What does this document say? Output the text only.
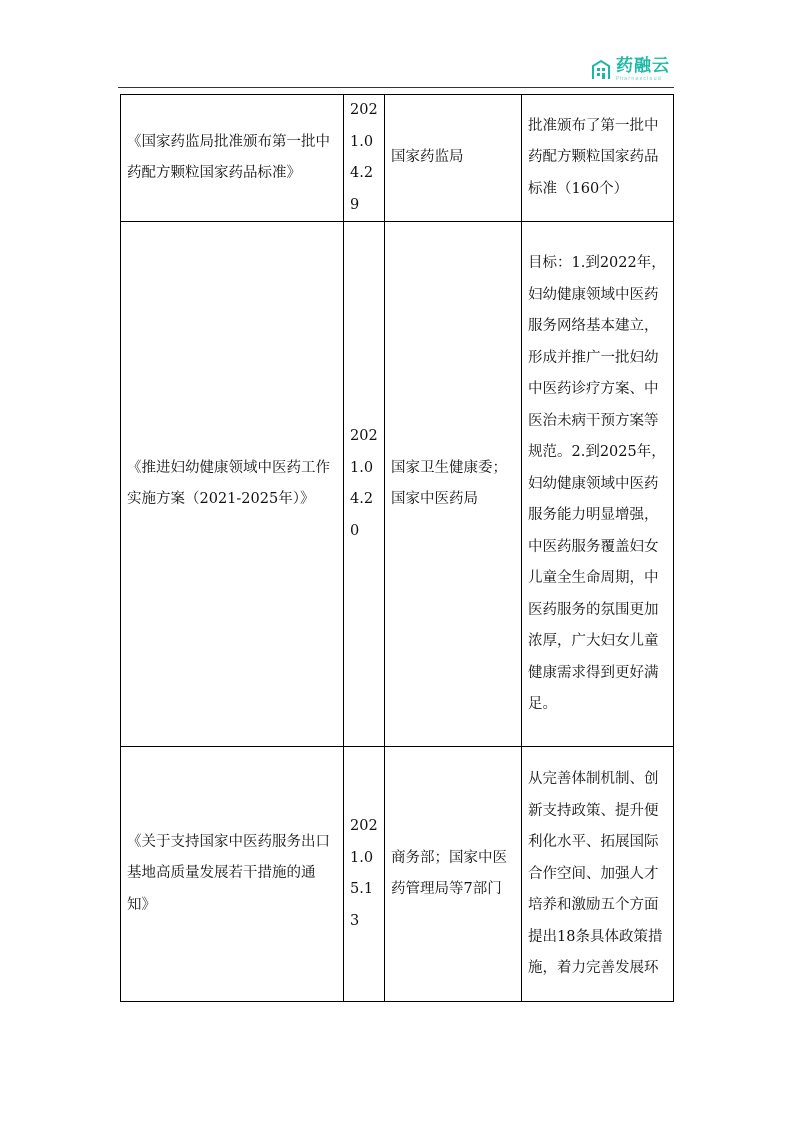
药融云
Pharnexcloud
《国家药监局批准颁布第一批中药配方颗粒国家药品标准》	2021.04.29	国家药监局	批准颁布了第一批中药配方颗粒国家药品标准（160个）
《推进妇幼健康领域中医药工作实施方案（2021-2025年）》	2021.04.20	国家卫生健康委；国家中医药局	目标：1.到2022年，妇幼健康领域中医药服务网络基本建立，形成并推广一批妇幼中医药诊疗方案、中医治未病干预方案等规范。2.到2025年，妇幼健康领域中医药服务能力明显增强，中医药服务覆盖妇女儿童全生命周期，中医药服务的氛围更加浓厚，广大妇女儿童健康需求得到更好满足。
《关于支持国家中医药服务出口基地高质量发展若干措施的通知》	2021.05.13	商务部；国家中医药管理局等7部门	从完善体制机制、创新支持政策、提升便利化水平、拓展国际合作空间、加强人才培养和激励五个方面提出18条具体政策措施，着力完善发展环
